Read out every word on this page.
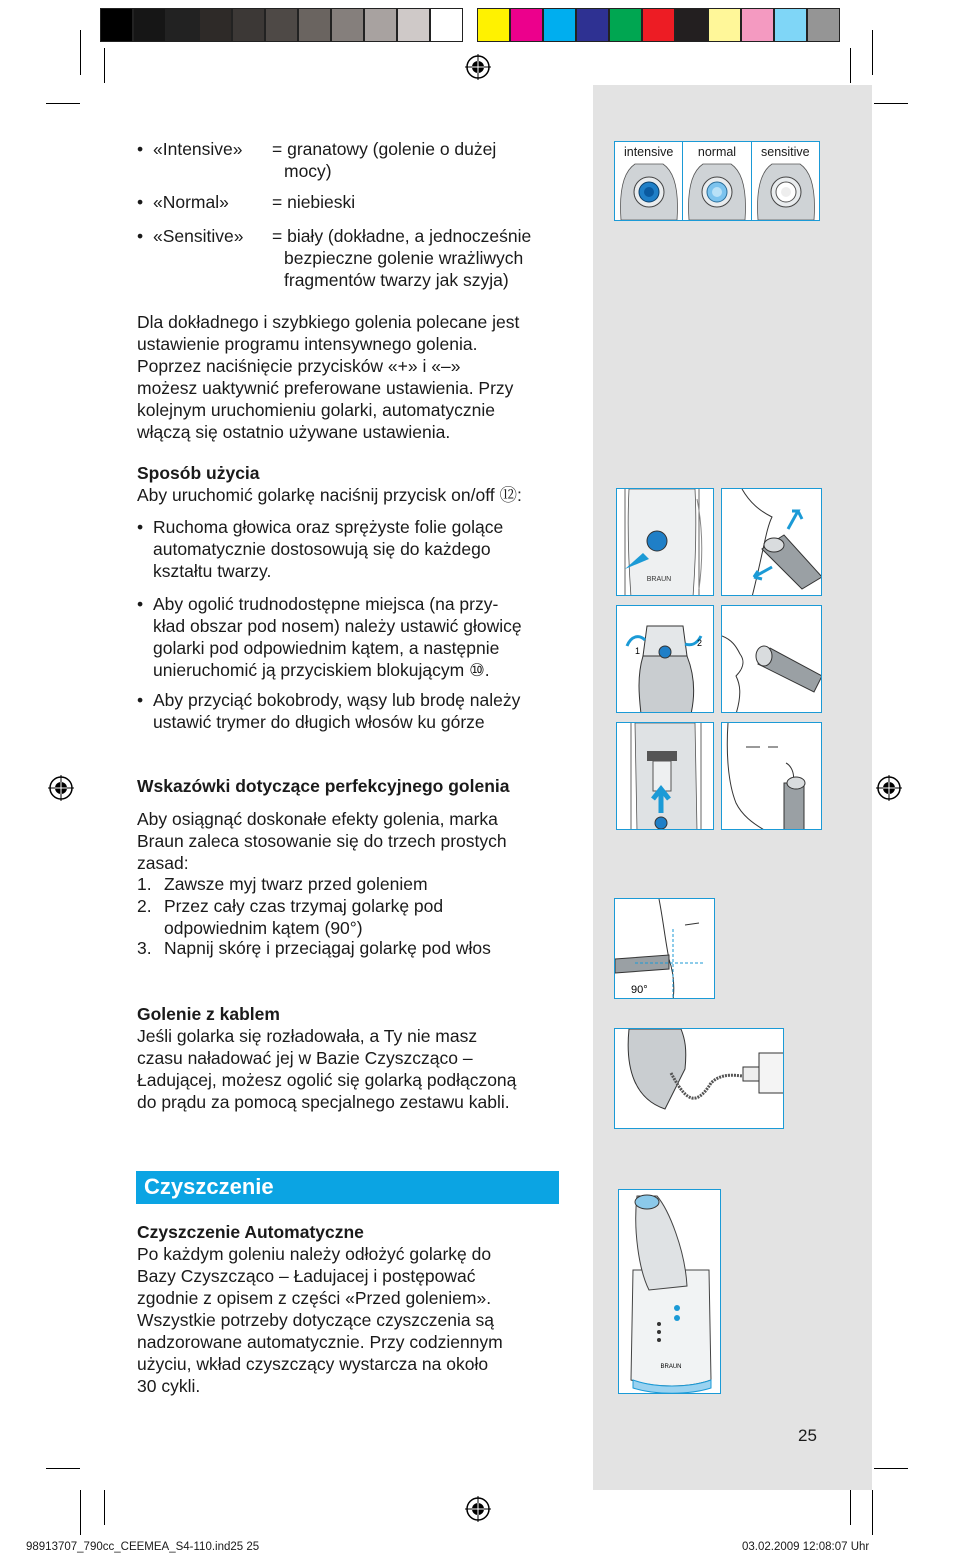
• «Intensive» = granatowy (golenie o dużej
mocy)
• «Normal» = niebieski
• «Sensitive» = biały (dokładne, a jednocześnie
bezpieczne golenie wrażliwych
fragmentów twarzy jak szyja)
Dla dokładnego i szybkiego golenia polecane jest
ustawienie programu intensywnego golenia.
Poprzez naciśnięcie przycisków «+» i «–»
możesz uaktywnić preferowane ustawienia. Przy
kolejnym uruchomieniu golarki, automatycznie
włączą się ostatnio używane ustawienia.
Sposób użycia
Aby uruchomić golarkę naciśnij przycisk on/off ⑫:
• Ruchoma głowica oraz sprężyste folie golące
automatycznie dostosowują się do każdego
kształtu twarzy.
• Aby ogolić trudnodostępne miejsca (na przy-
kład obszar pod nosem) należy ustawić głowicę
golarki pod odpowiednim kątem, a następnie
unieruchomić ją przyciskiem blokującym ⑩.
• Aby przyciąć bokobrody, wąsy lub brodę należy
ustawić trymer do długich włosów ku górze
Wskazówki dotyczące perfekcyjnego golenia
Aby osiągnąć doskonałe efekty golenia, marka
Braun zaleca stosowanie się do trzech prostych
zasad:
1. Zawsze myj twarz przed goleniem
2. Przez cały czas trzymaj golarkę pod
odpowiednim kątem (90°)
3. Napnij skórę i przeciągaj golarkę pod włos
Golenie z kablem
Jeśli golarka się rozładowała, a Ty nie masz
czasu naładować jej w Bazie Czyszcząco –
Ładującej, możesz ogolić się golarką podłączoną
do prądu za pomocą specjalnego zestawu kabli.
Czyszczenie
Czyszczenie Automatyczne
Po każdym goleniu należy odłożyć golarkę do
Bazy Czyszcząco – Ładujacej i postępować
zgodnie z opisem z części «Przed goleniem».
Wszystkie potrzeby dotyczące czyszczenia są
nadzorowane automatycznie. Przy codziennym
użyciu, wkład czyszczący wystarcza na około
30 cykli.
25
98913707_790cc_CEEMEA_S4-110.ind25 25	03.02.2009 12:08:07 Uhr
intensive	normal	sensitive
BRAUN
1
2
90°
BRAUN
